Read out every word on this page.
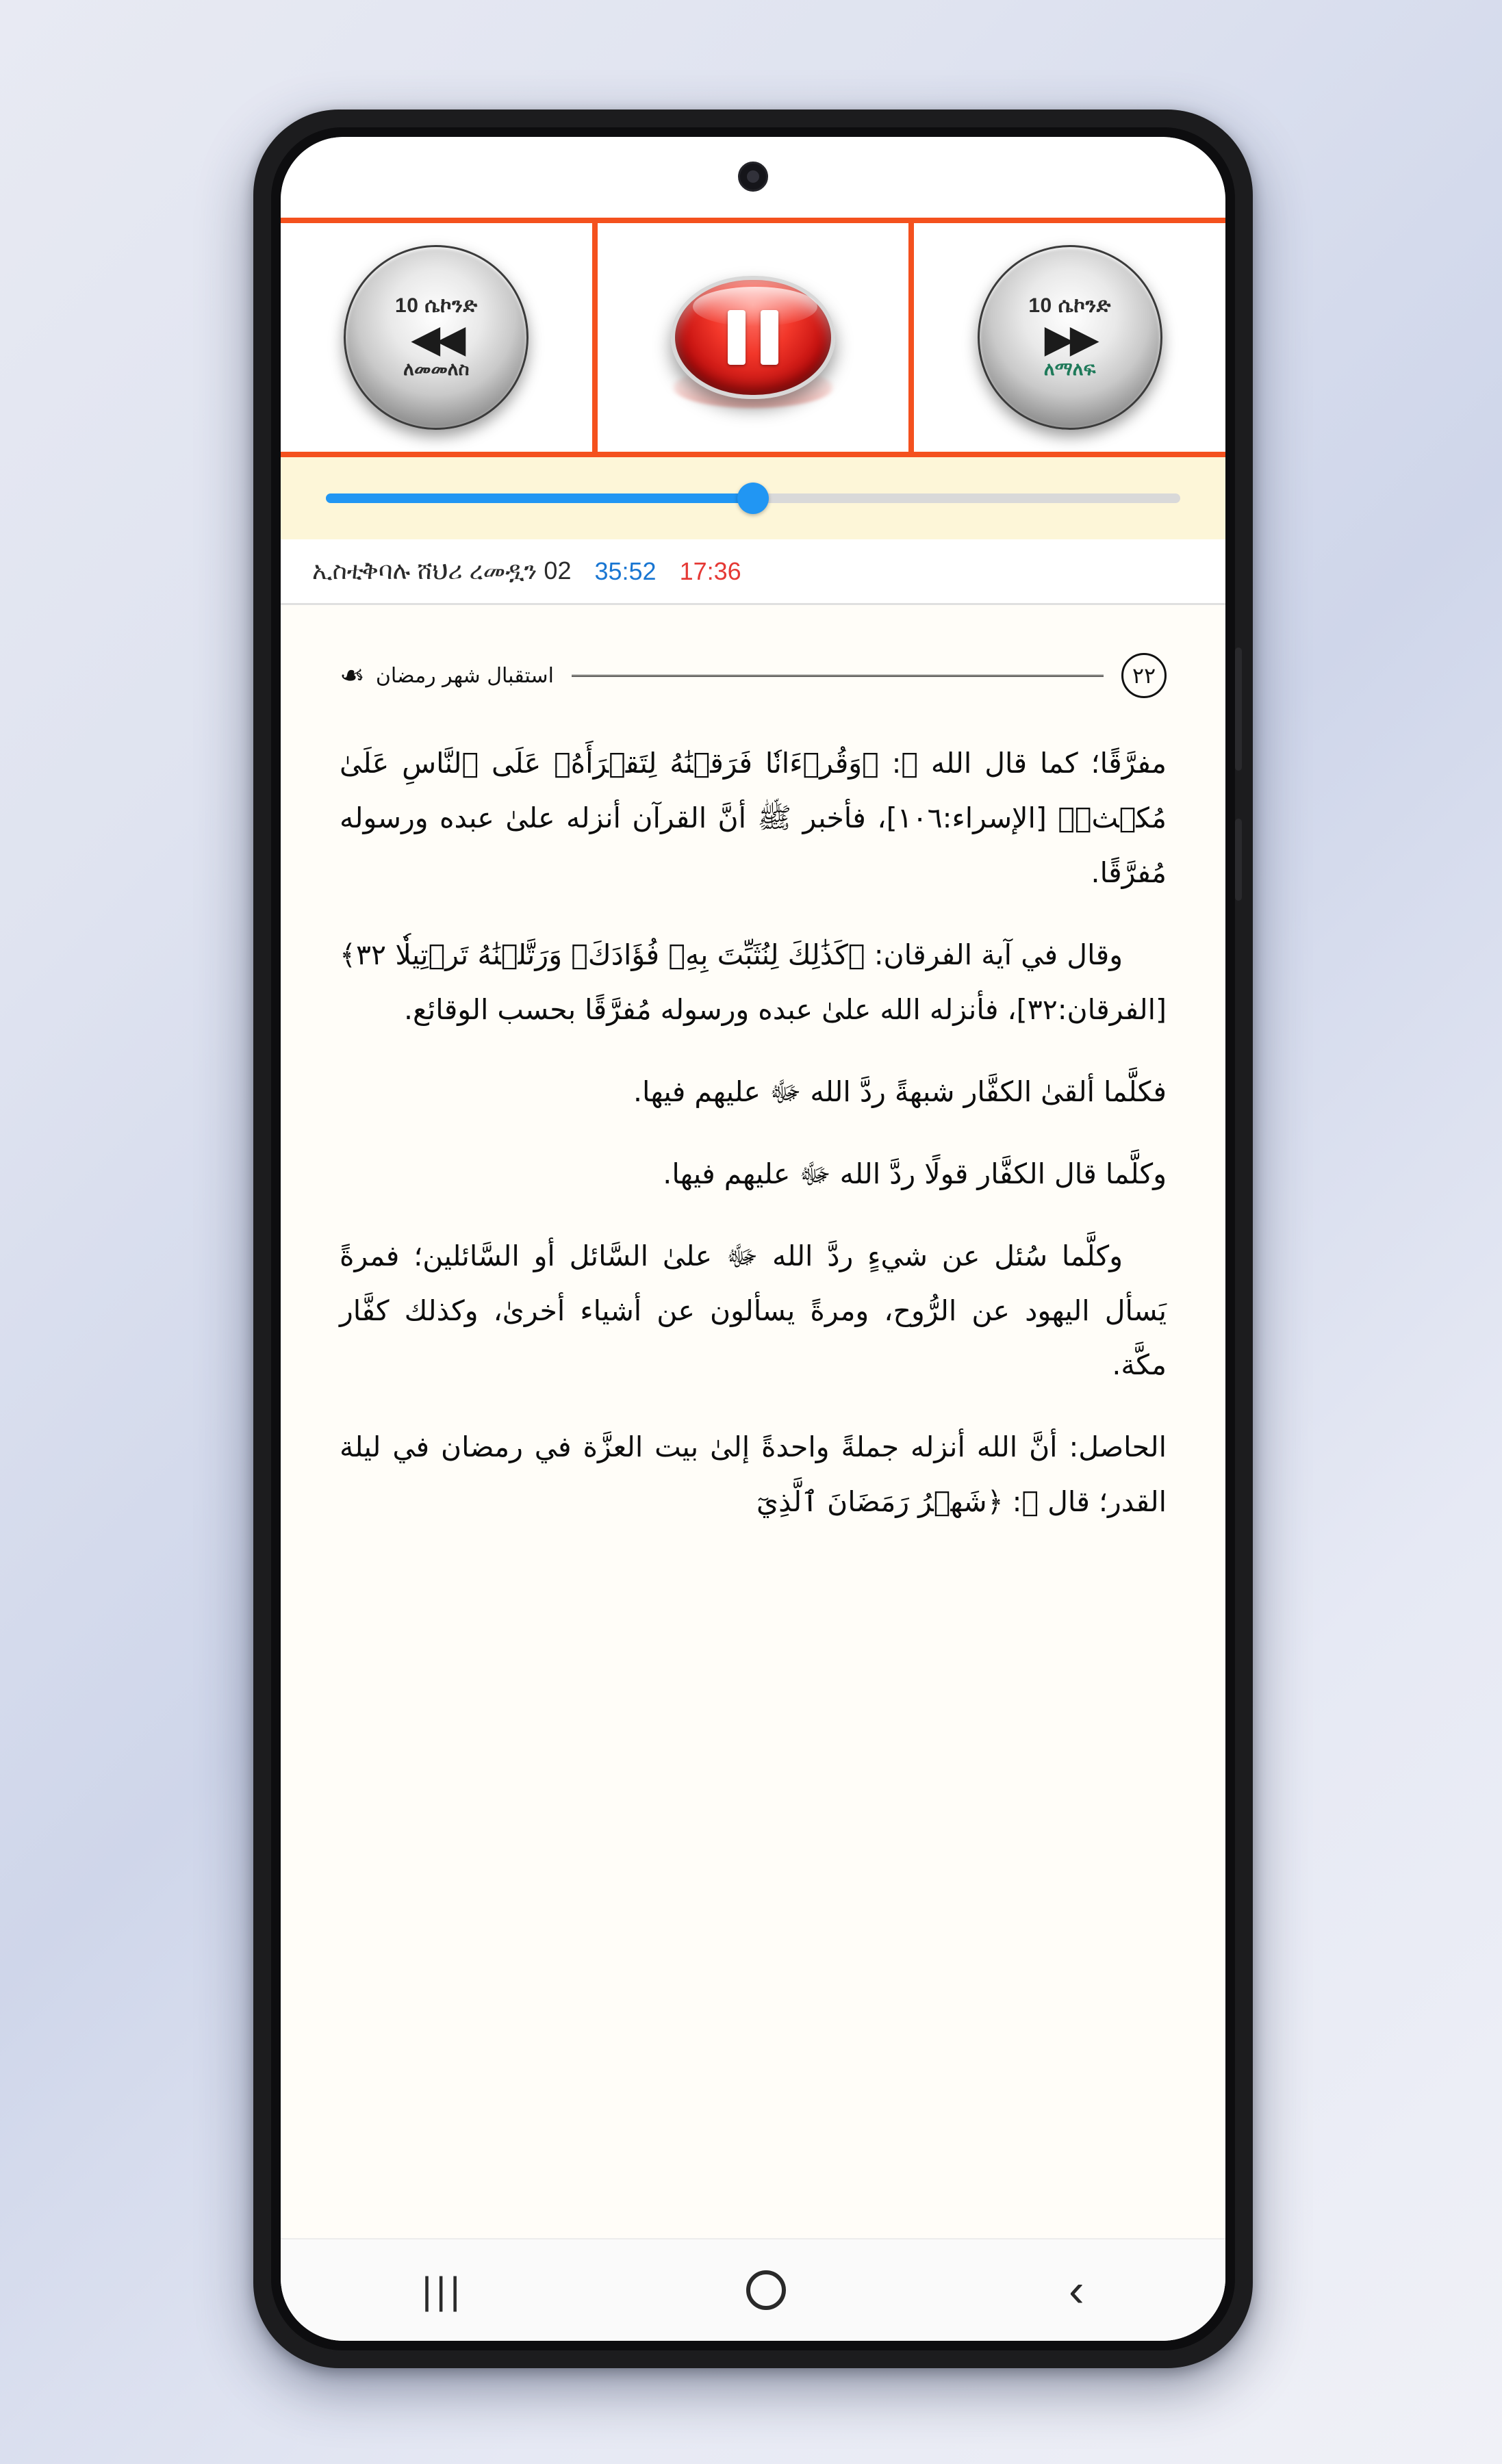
10 ሴኮንድ
◀◀
ለመመለስ
10 ሴኮንድ
▶▶
ለማለፍ
ኢስቲቅባሉ ሸህሪ ረመዷን 02 35:52 17:36
٢٢
استقبال شهر رمضان
❧

مفرَّقًا؛ كما قال الله ﷻ: ﴿وَقُرۡءَانٗا فَرَقۡنَٰهُ لِتَقۡرَأَهُۥ عَلَى ٱلنَّاسِ عَلَىٰ مُكۡثٖ﴾ [الإسراء:١٠٦]، فأخبر ﷺ أنَّ القرآن أنزله علىٰ عبده ورسوله مُفرَّقًا.

وقال في آية الفرقان: ﴿كَذَٰلِكَ لِنُثَبِّتَ بِهِۦ فُؤَادَكَۖ وَرَتَّلۡنَٰهُ تَرۡتِيلٗا ٣٢﴾ [الفرقان:٣٢]، فأنزله الله علىٰ عبده ورسوله مُفرَّقًا بحسب الوقائع.

فكلَّما ألقىٰ الكفَّار شبهةً ردَّ الله ﷻ عليهم فيها.

وكلَّما قال الكفَّار قولًا ردَّ الله ﷻ عليهم فيها.

وكلَّما سُئل عن شيءٍ ردَّ الله ﷻ علىٰ السَّائل أو السَّائلين؛ فمرةً يَسأل اليهود عن الرُّوح، ومرةً يسألون عن أشياء أخرىٰ، وكذلك كفَّار مكَّة.

الحاصل: أنَّ الله أنزله جملةً واحدةً إلىٰ بيت العزَّة في رمضان في ليلة القدر؛ قال ﷺ: ﴿شَهۡرُ رَمَضَانَ ٱلَّذِيٓ

|||	‹
